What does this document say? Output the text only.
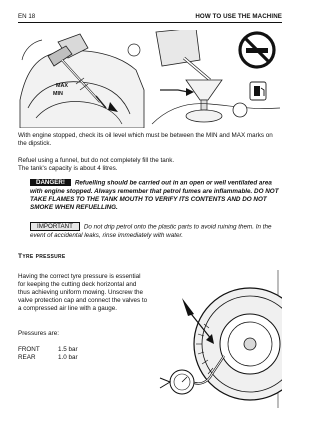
EN 18	HOW TO USE THE MACHINE
MAX
MIN
With engine stopped, check its oil level which must be between the MIN and MAX marks on the dipstick.
Refuel using a funnel, but do not completely fill the tank.
The tank's capacity is about 4 litres.
DANGER! Refuelling should be carried out in an open or well ventilated area with engine stopped. Always remember that petrol fumes are inflammable. DO NOT TAKE FLAMES TO THE TANK MOUTH TO VERIFY ITS CONTENTS AND DO NOT SMOKE WHEN REFUELLING.
IMPORTANT Do not drip petrol onto the plastic parts to avoid ruining them. In the event of accidental leaks, rinse immediately with water.
Tyre pressure
Having the correct tyre pressure is essential for keeping the cutting deck horizontal and thus achieving uniform mowing. Unscrew the valve protection cap and connect the valves to a compressed air line with a gauge.
Pressures are:
FRONT	1.5 bar
REAR	1.0 bar
